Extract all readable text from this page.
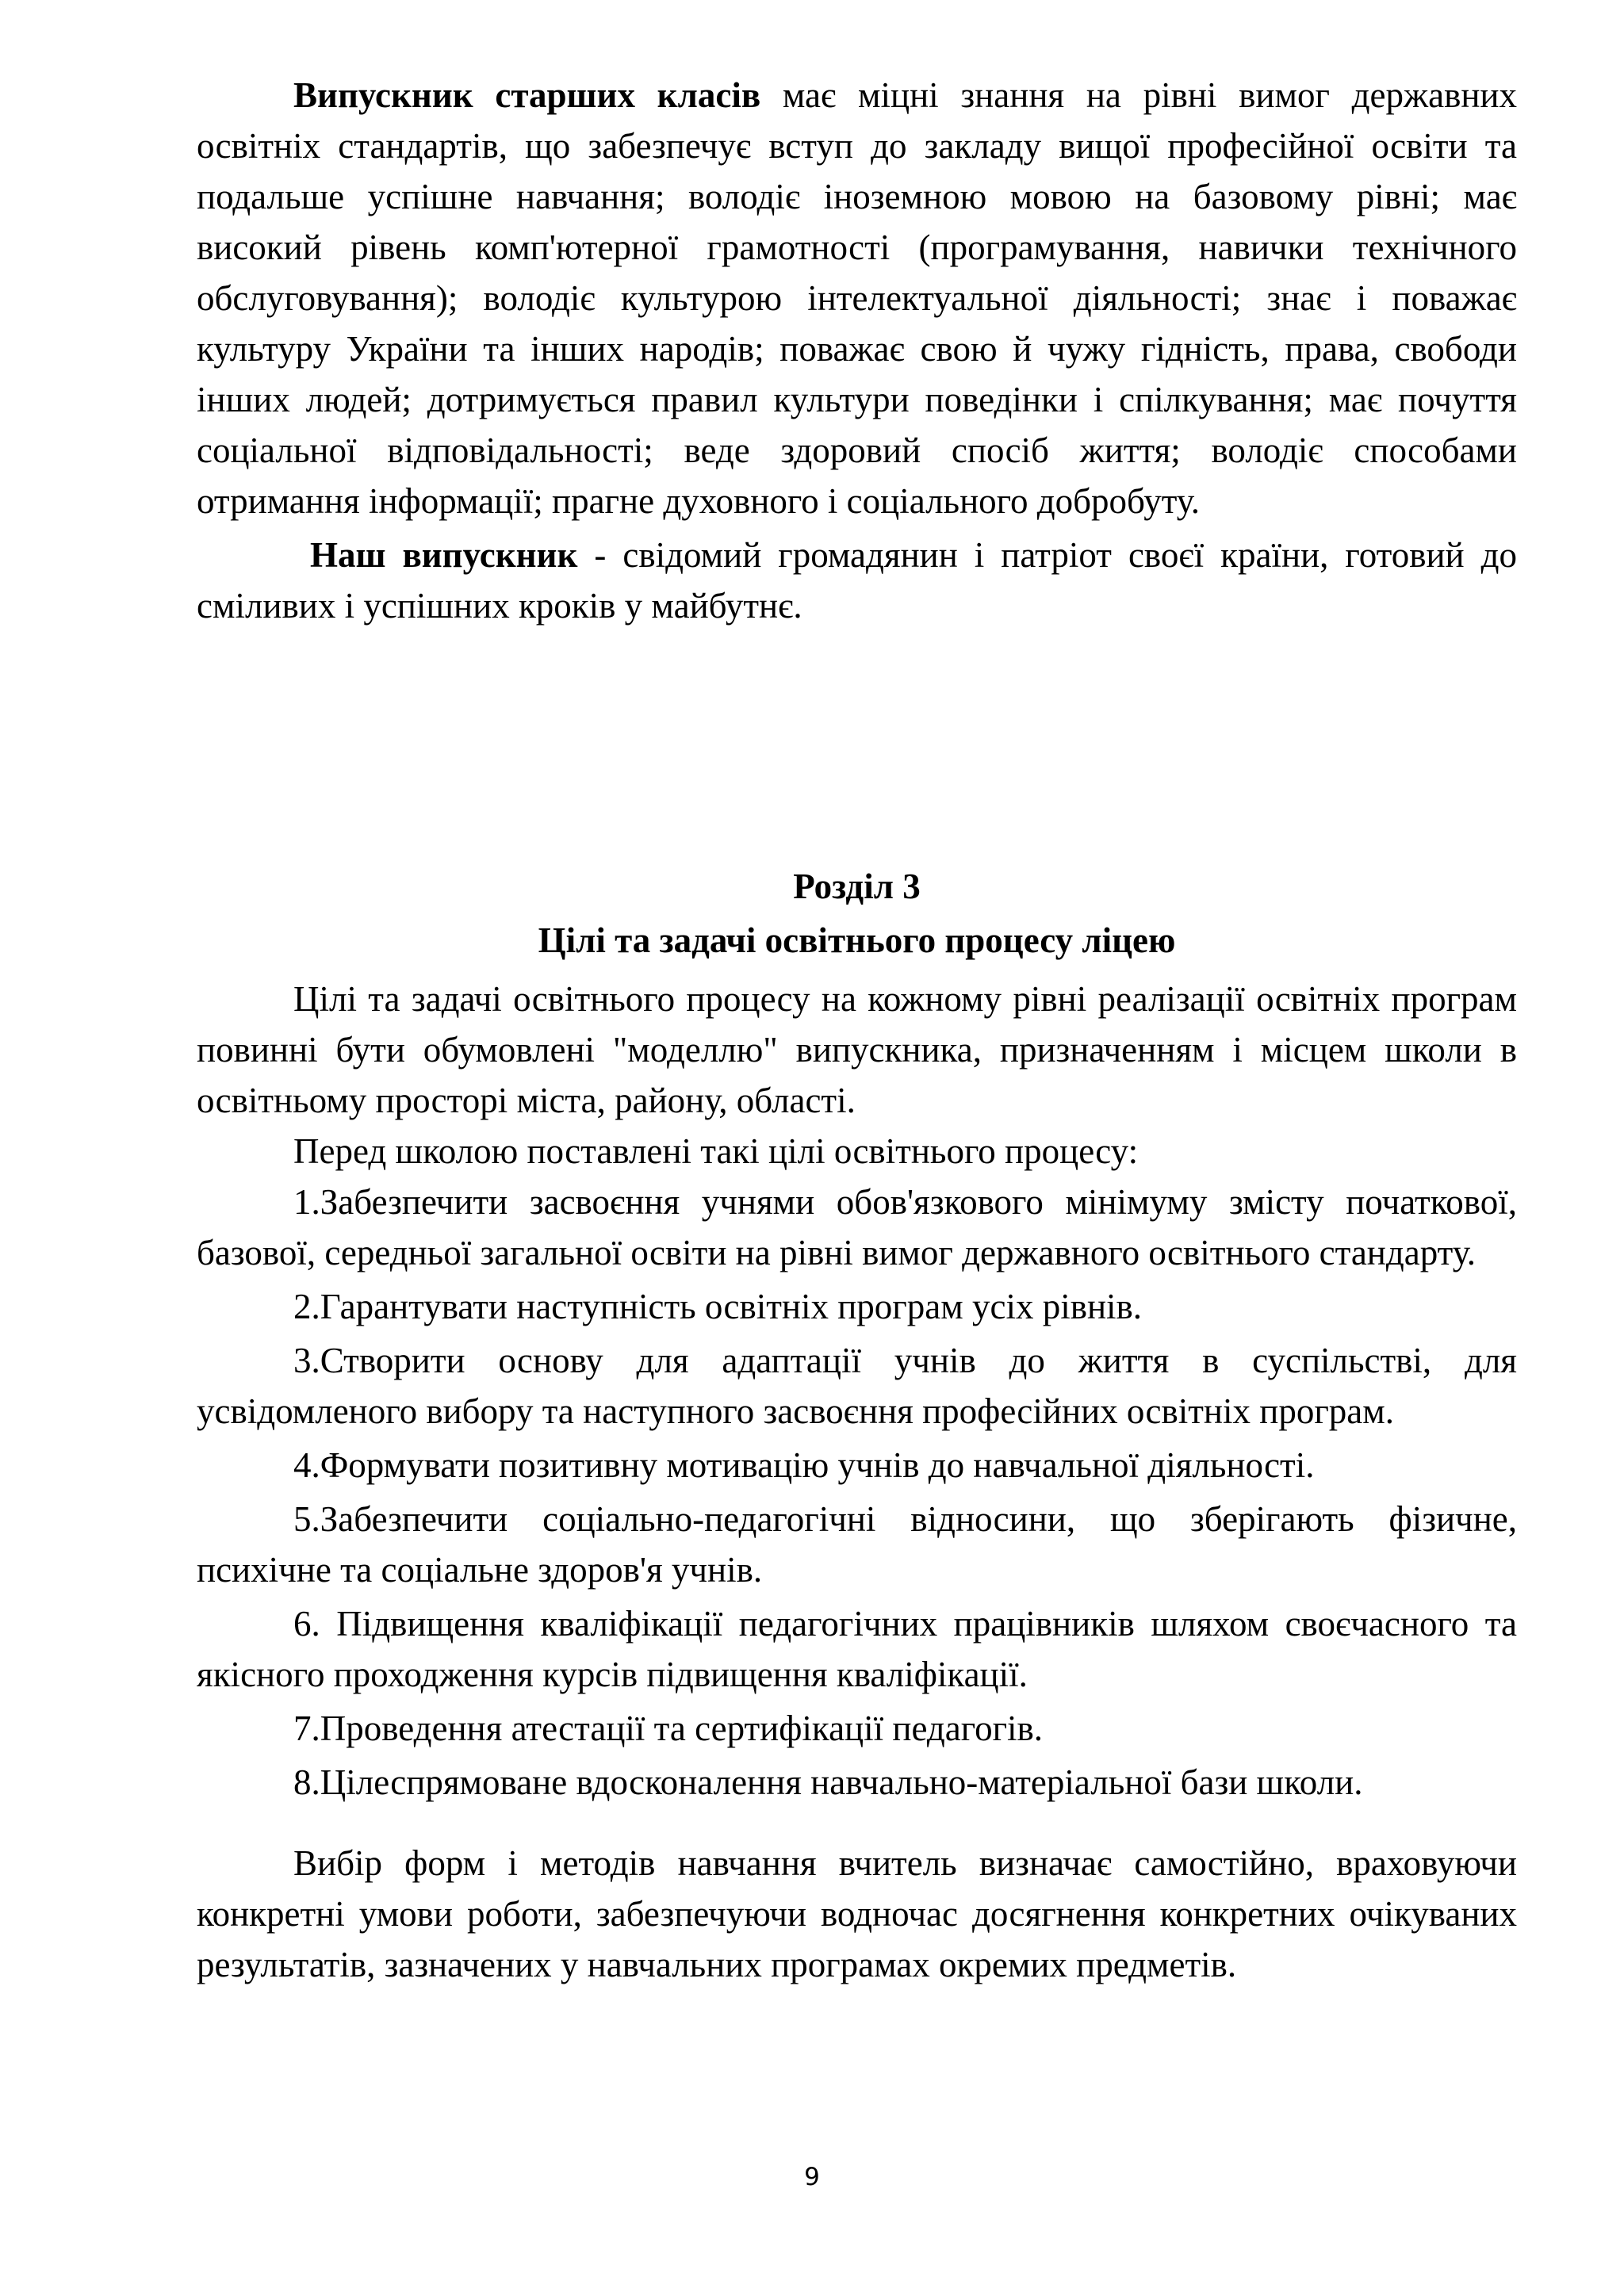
Випускник старших класів має міцні знання на рівні вимог державних освітніх стандартів, що забезпечує вступ до закладу вищої професійної освіти та подальше успішне навчання; володіє іноземною мовою на базовому рівні; має високий рівень комп'ютерної грамотності (програмування, навички технічного обслуговування); володіє культурою інтелектуальної діяльності; знає і поважає культуру України та інших народів; поважає свою й чужу гідність, права, свободи інших людей; дотримується правил культури поведінки і спілкування; має почуття соціальної відповідальності; веде здоровий спосіб життя; володіє способами отримання інформації; прагне духовного і соціального добробуту.

Наш випускник - свідомий громадянин і патріот своєї країни, готовий до сміливих і успішних кроків у майбутнє.

Розділ 3

Цілі та задачі освітнього процесу ліцею

Цілі та задачі освітнього процесу на кожному рівні реалізації освітніх програм повинні бути обумовлені "моделлю" випускника, призначенням і місцем школи в освітньому просторі міста, району, області.

Перед школою поставлені такі цілі освітнього процесу:

1.Забезпечити засвоєння учнями обов'язкового мінімуму змісту початкової, базової, середньої загальної освіти на рівні вимог державного освітнього стандарту.

2.Гарантувати наступність освітніх програм усіх рівнів.

3.Створити основу для адаптації учнів до життя в суспільстві, для усвідомленого вибору та наступного засвоєння професійних освітніх програм.

4.Формувати позитивну мотивацію учнів до навчальної діяльності.

5.Забезпечити соціально-педагогічні відносини, що зберігають фізичне, психічне та соціальне здоров'я учнів.

6. Підвищення кваліфікації педагогічних працівників шляхом своєчасного та якісного проходження курсів підвищення кваліфікації.

7.Проведення атестації та сертифікації педагогів.

8.Цілеспрямоване вдосконалення навчально-матеріальної бази школи.

Вибір форм і методів навчання вчитель визначає самостійно, враховуючи конкретні умови роботи, забезпечуючи водночас досягнення конкретних очікуваних результатів, зазначених у навчальних програмах окремих предметів.

9
